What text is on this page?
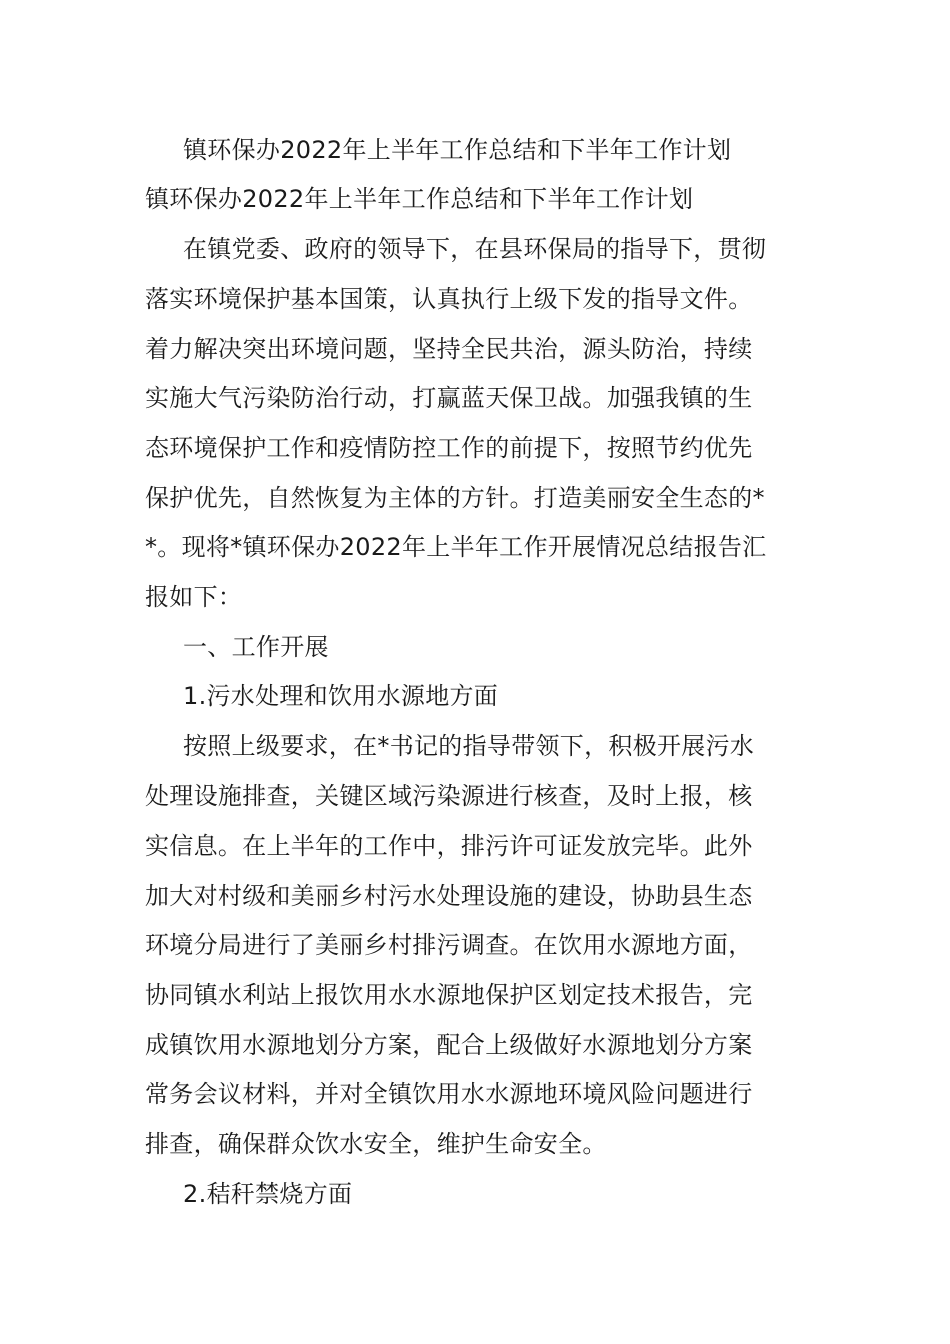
镇环保办2022年上半年工作总结和下半年工作计划
镇环保办2022年上半年工作总结和下半年工作计划
在镇党委、政府的领导下，在县环保局的指导下，贯彻
落实环境保护基本国策，认真执行上级下发的指导文件。
着力解决突出环境问题，坚持全民共治，源头防治，持续
实施大气污染防治行动，打赢蓝天保卫战。加强我镇的生
态环境保护工作和疫情防控工作的前提下，按照节约优先
保护优先，自然恢复为主体的方针。打造美丽安全生态的*
*。现将*镇环保办2022年上半年工作开展情况总结报告汇
报如下：
一、工作开展
1.污水处理和饮用水源地方面
按照上级要求，在*书记的指导带领下，积极开展污水
处理设施排查，关键区域污染源进行核查，及时上报，核
实信息。在上半年的工作中，排污许可证发放完毕。此外
加大对村级和美丽乡村污水处理设施的建设，协助县生态
环境分局进行了美丽乡村排污调查。在饮用水源地方面，
协同镇水利站上报饮用水水源地保护区划定技术报告，完
成镇饮用水源地划分方案，配合上级做好水源地划分方案
常务会议材料，并对全镇饮用水水源地环境风险问题进行
排查，确保群众饮水安全，维护生命安全。
2.秸秆禁烧方面
